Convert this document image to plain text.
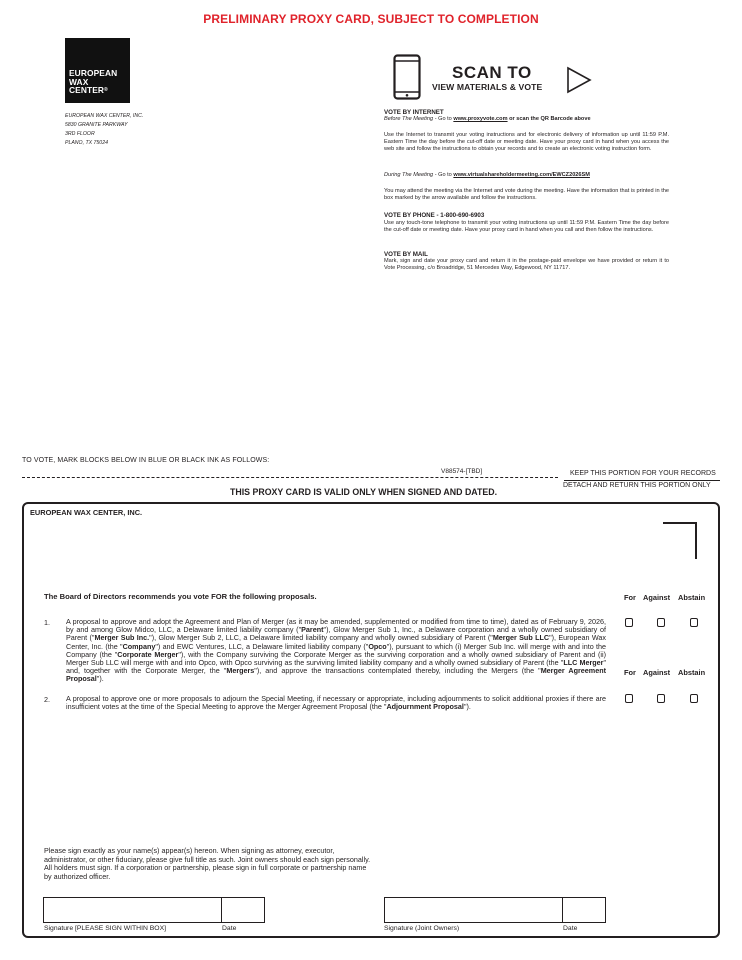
PRELIMINARY PROXY CARD, SUBJECT TO COMPLETION
EUROPEAN
WAX
CENTER®
EUROPEAN WAX CENTER, INC.
5830 GRANITE PARKWAY
3RD FLOOR
PLANO, TX 75024
SCAN TO
VIEW MATERIALS & VOTE
VOTE BY INTERNET
Before The Meeting - Go to www.proxyvote.com or scan the QR Barcode above
Use the Internet to transmit your voting instructions and for electronic delivery of information up until 11:59 P.M. Eastern Time the day before the cut-off date or meeting date. Have your proxy card in hand when you access the web site and follow the instructions to obtain your records and to create an electronic voting instruction form.
During The Meeting - Go to www.virtualshareholdermeeting.com/EWCZ2026SM
You may attend the meeting via the Internet and vote during the meeting. Have the information that is printed in the box marked by the arrow available and follow the instructions.
VOTE BY PHONE - 1-800-690-6903
Use any touch-tone telephone to transmit your voting instructions up until 11:59 P.M. Eastern Time the day before the cut-off date or meeting date. Have your proxy card in hand when you call and then follow the instructions.
VOTE BY MAIL
Mark, sign and date your proxy card and return it in the postage-paid envelope we have provided or return it to Vote Processing, c/o Broadridge, 51 Mercedes Way, Edgewood, NY 11717.
TO VOTE, MARK BLOCKS BELOW IN BLUE OR BLACK INK AS FOLLOWS:
V88574-[TBD]	KEEP THIS PORTION FOR YOUR RECORDS
DETACH AND RETURN THIS PORTION ONLY
THIS PROXY CARD IS VALID ONLY WHEN SIGNED AND DATED.
EUROPEAN WAX CENTER, INC.
The Board of Directors recommends you vote FOR the following proposals.	For Against Abstain
1. A proposal to approve and adopt the Agreement and Plan of Merger (as it may be amended, supplemented or modified from time to time), dated as of February 9, 2026, by and among Glow Midco, LLC, a Delaware limited liability company ("Parent"), Glow Merger Sub 1, Inc., a Delaware corporation and a wholly owned subsidiary of Parent ("Merger Sub Inc."), Glow Merger Sub 2, LLC, a Delaware limited liability company and wholly owned subsidiary of Parent ("Merger Sub LLC"), European Wax Center, Inc. (the "Company") and EWC Ventures, LLC, a Delaware limited liability company ("Opco"), pursuant to which (i) Merger Sub Inc. will merge with and into the Company (the "Corporate Merger"), with the Company surviving the Corporate Merger as the surviving corporation and a wholly owned subsidiary of Parent and (ii) Merger Sub LLC will merge with and into Opco, with Opco surviving as the surviving limited liability company and a wholly owned subsidiary of Parent (the "LLC Merger" and, together with the Corporate Merger, the "Mergers"), and approve the transactions contemplated thereby, including the Mergers (the "Merger Agreement Proposal").
For Against Abstain
2. A proposal to approve one or more proposals to adjourn the Special Meeting, if necessary or appropriate, including adjournments to solicit additional proxies if there are insufficient votes at the time of the Special Meeting to approve the Merger Agreement Proposal (the "Adjournment Proposal").
Please sign exactly as your name(s) appear(s) hereon. When signing as attorney, executor, administrator, or other fiduciary, please give full title as such. Joint owners should each sign personally. All holders must sign. If a corporation or partnership, please sign in full corporate or partnership name by authorized officer.
Signature [PLEASE SIGN WITHIN BOX]	Date	Signature (Joint Owners)	Date
